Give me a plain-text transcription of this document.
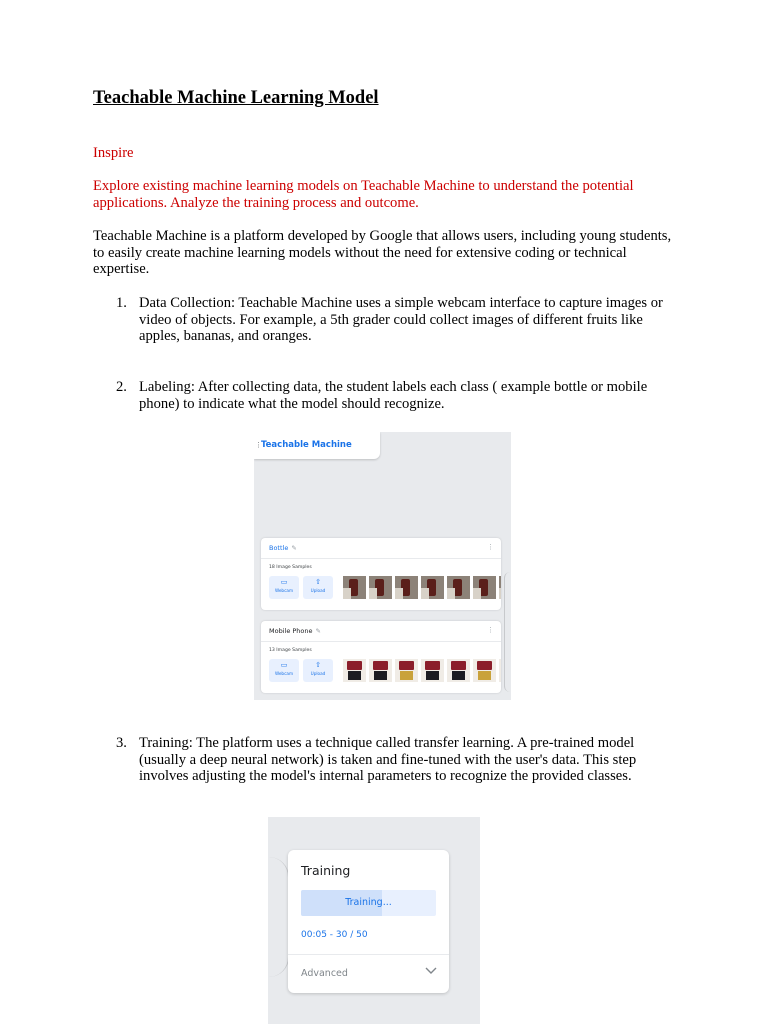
Teachable Machine Learning Model
Inspire
Explore existing machine learning models on Teachable Machine to understand the potential applications. Analyze the training process and outcome.
Teachable Machine is a platform developed by Google that allows users, including young students, to easily create machine learning models without the need for extensive coding or technical expertise.
1. Data Collection: Teachable Machine uses a simple webcam interface to capture images or video of objects. For example, a 5th grader could collect images of different fruits like apples, bananas, and oranges.
2. Labeling: After collecting data, the student labels each class ( example bottle or mobile phone) to indicate what the model should recognize.
3. Training: The platform uses a technique called transfer learning. A pre-trained model (usually a deep neural network) is taken and fine-tuned with the user's data. This step involves adjusting the model's internal parameters to recognize the provided classes.
⋮ Teachable Machine
Bottle ✎	⋮
18 Image Samples
▭
Webcam
⇧
Upload
Mobile Phone ✎	⋮
13 Image Samples
▭
Webcam
⇧
Upload
Training
Training...
00:05 - 30 / 50
Advanced
